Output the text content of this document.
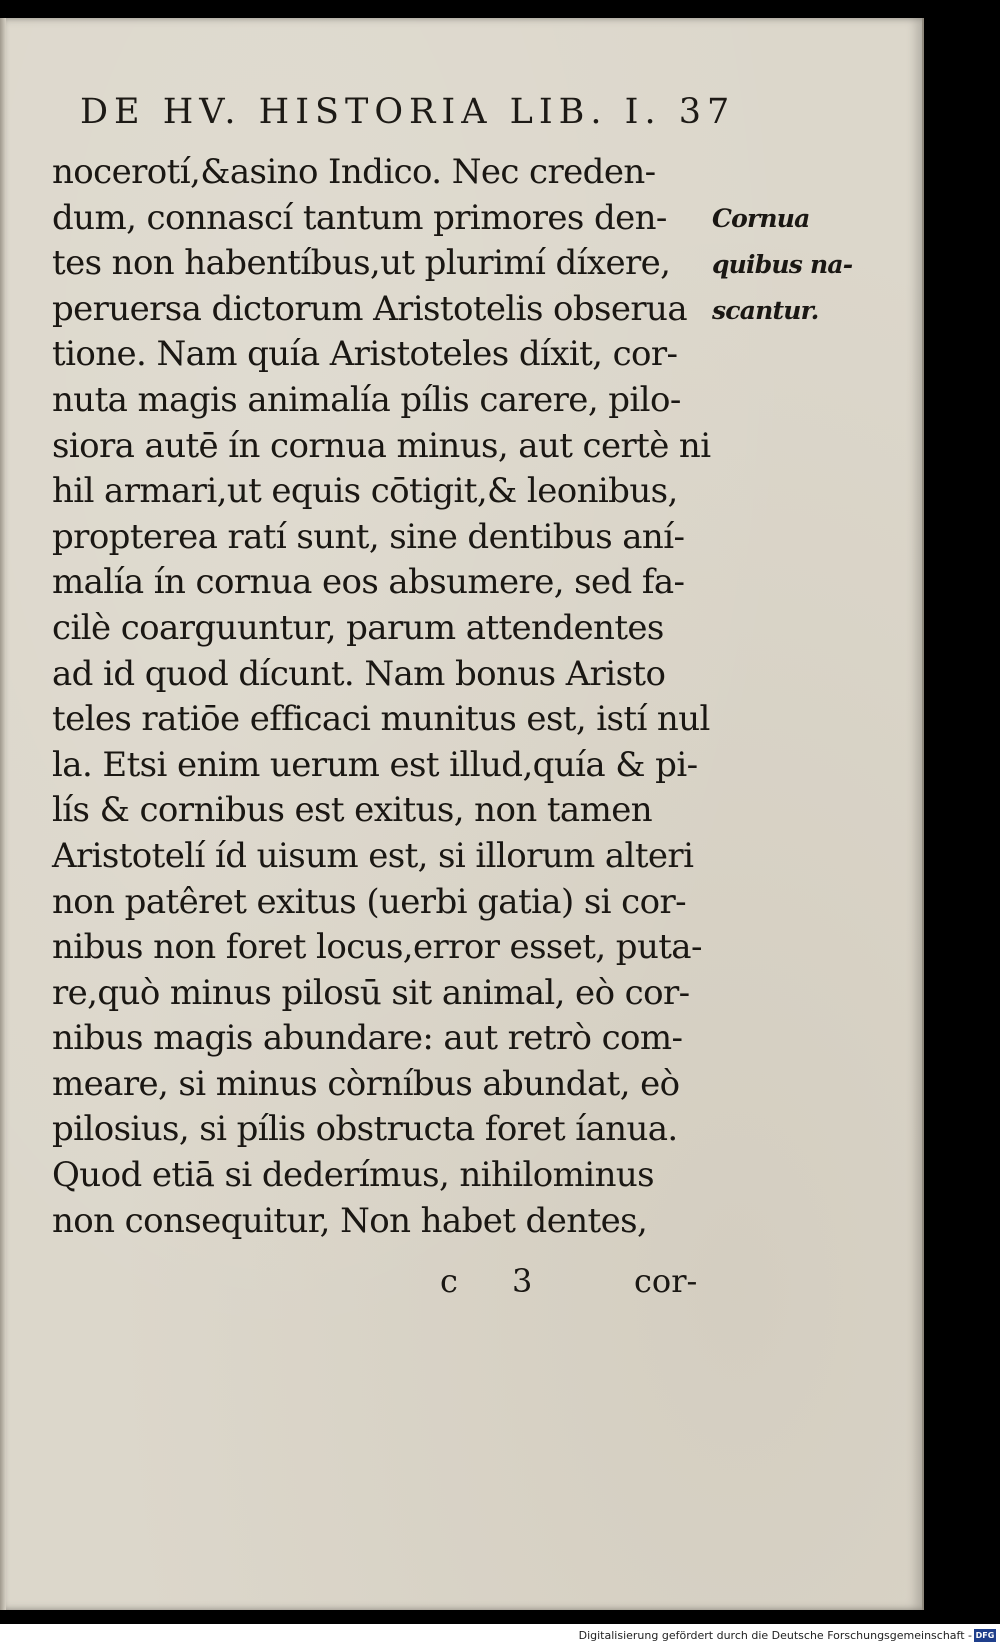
DE HV. HISTORIA LIB. I. 37
nocerotí,&asino Indico. Nec creden-
dum, connascí tantum primores den-
tes non habentíbus,ut plurimí díxere,
peruersa dictorum Aristotelis obserua
tione. Nam quía Aristoteles díxit, cor-
nuta magis animalía pílis carere, pilo-
siora autē ín cornua minus, aut certè ni
hil armari,ut equis cōtigit,& leonibus,
propterea ratí sunt, sine dentibus aní-
malía ín cornua eos absumere, sed fa-
cilè coarguuntur, parum attendentes
ad id quod dícunt. Nam bonus Aristo
teles ratiōe efficaci munitus est, istí nul
la. Etsi enim uerum est illud,quía & pi-
lís & cornibus est exitus, non tamen
Aristotelí íd uisum est, si illorum alteri
non patêret exitus (uerbi gatia) si cor-
nibus non foret locus,error esset, puta-
re,quò minus pilosū sit animal, eò cor-
nibus magis abundare: aut retrò com-
meare, si minus còrníbus abundat, eò
pilosius, si pílis obstructa foret íanua.
Quod etiā si dederímus, nihilominus
non consequitur, Non habet dentes,
Cornua
quibus na-
scantur.
c 3	cor-
Digitalisierung gefördert durch die Deutsche Forschungsgemeinschaft - DFG
